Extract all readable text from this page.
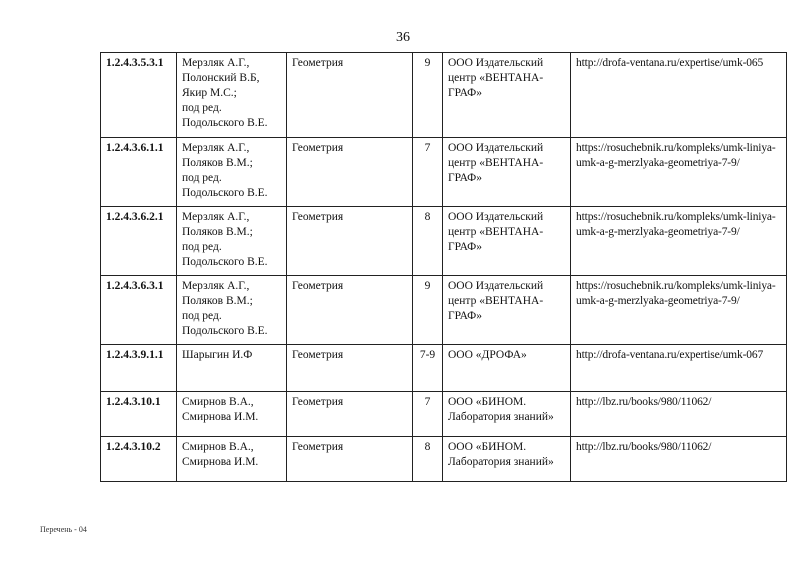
36
1.2.4.3.5.3.1	Мерзляк А.Г.,
Полонский В.Б,
Якир М.С.;
под ред.
Подольского В.Е.	Геометрия	9	ООО Издательский центр «ВЕНТАНА-ГРАФ»	http://drofa-ventana.ru/expertise/umk-065
1.2.4.3.6.1.1	Мерзляк А.Г.,
Поляков В.М.;
под ред.
Подольского В.Е.	Геометрия	7	ООО Издательский центр «ВЕНТАНА-ГРАФ»	https://rosuchebnik.ru/kompleks/umk-liniya-umk-a-g-merzlyaka-geometriya-7-9/
1.2.4.3.6.2.1	Мерзляк А.Г.,
Поляков В.М.;
под ред.
Подольского В.Е.	Геометрия	8	ООО Издательский центр «ВЕНТАНА-ГРАФ»	https://rosuchebnik.ru/kompleks/umk-liniya-umk-a-g-merzlyaka-geometriya-7-9/
1.2.4.3.6.3.1	Мерзляк А.Г.,
Поляков В.М.;
под ред.
Подольского В.Е.	Геометрия	9	ООО Издательский центр «ВЕНТАНА-ГРАФ»	https://rosuchebnik.ru/kompleks/umk-liniya-umk-a-g-merzlyaka-geometriya-7-9/
1.2.4.3.9.1.1	Шарыгин И.Ф	Геометрия	7-9	ООО «ДРОФА»	http://drofa-ventana.ru/expertise/umk-067
1.2.4.3.10.1	Смирнов В.А.,
Смирнова И.М.	Геометрия	7	ООО «БИНОМ. Лаборатория знаний»	http://lbz.ru/books/980/11062/
1.2.4.3.10.2	Смирнов В.А.,
Смирнова И.М.	Геометрия	8	ООО «БИНОМ. Лаборатория знаний»	http://lbz.ru/books/980/11062/
Перечень - 04
